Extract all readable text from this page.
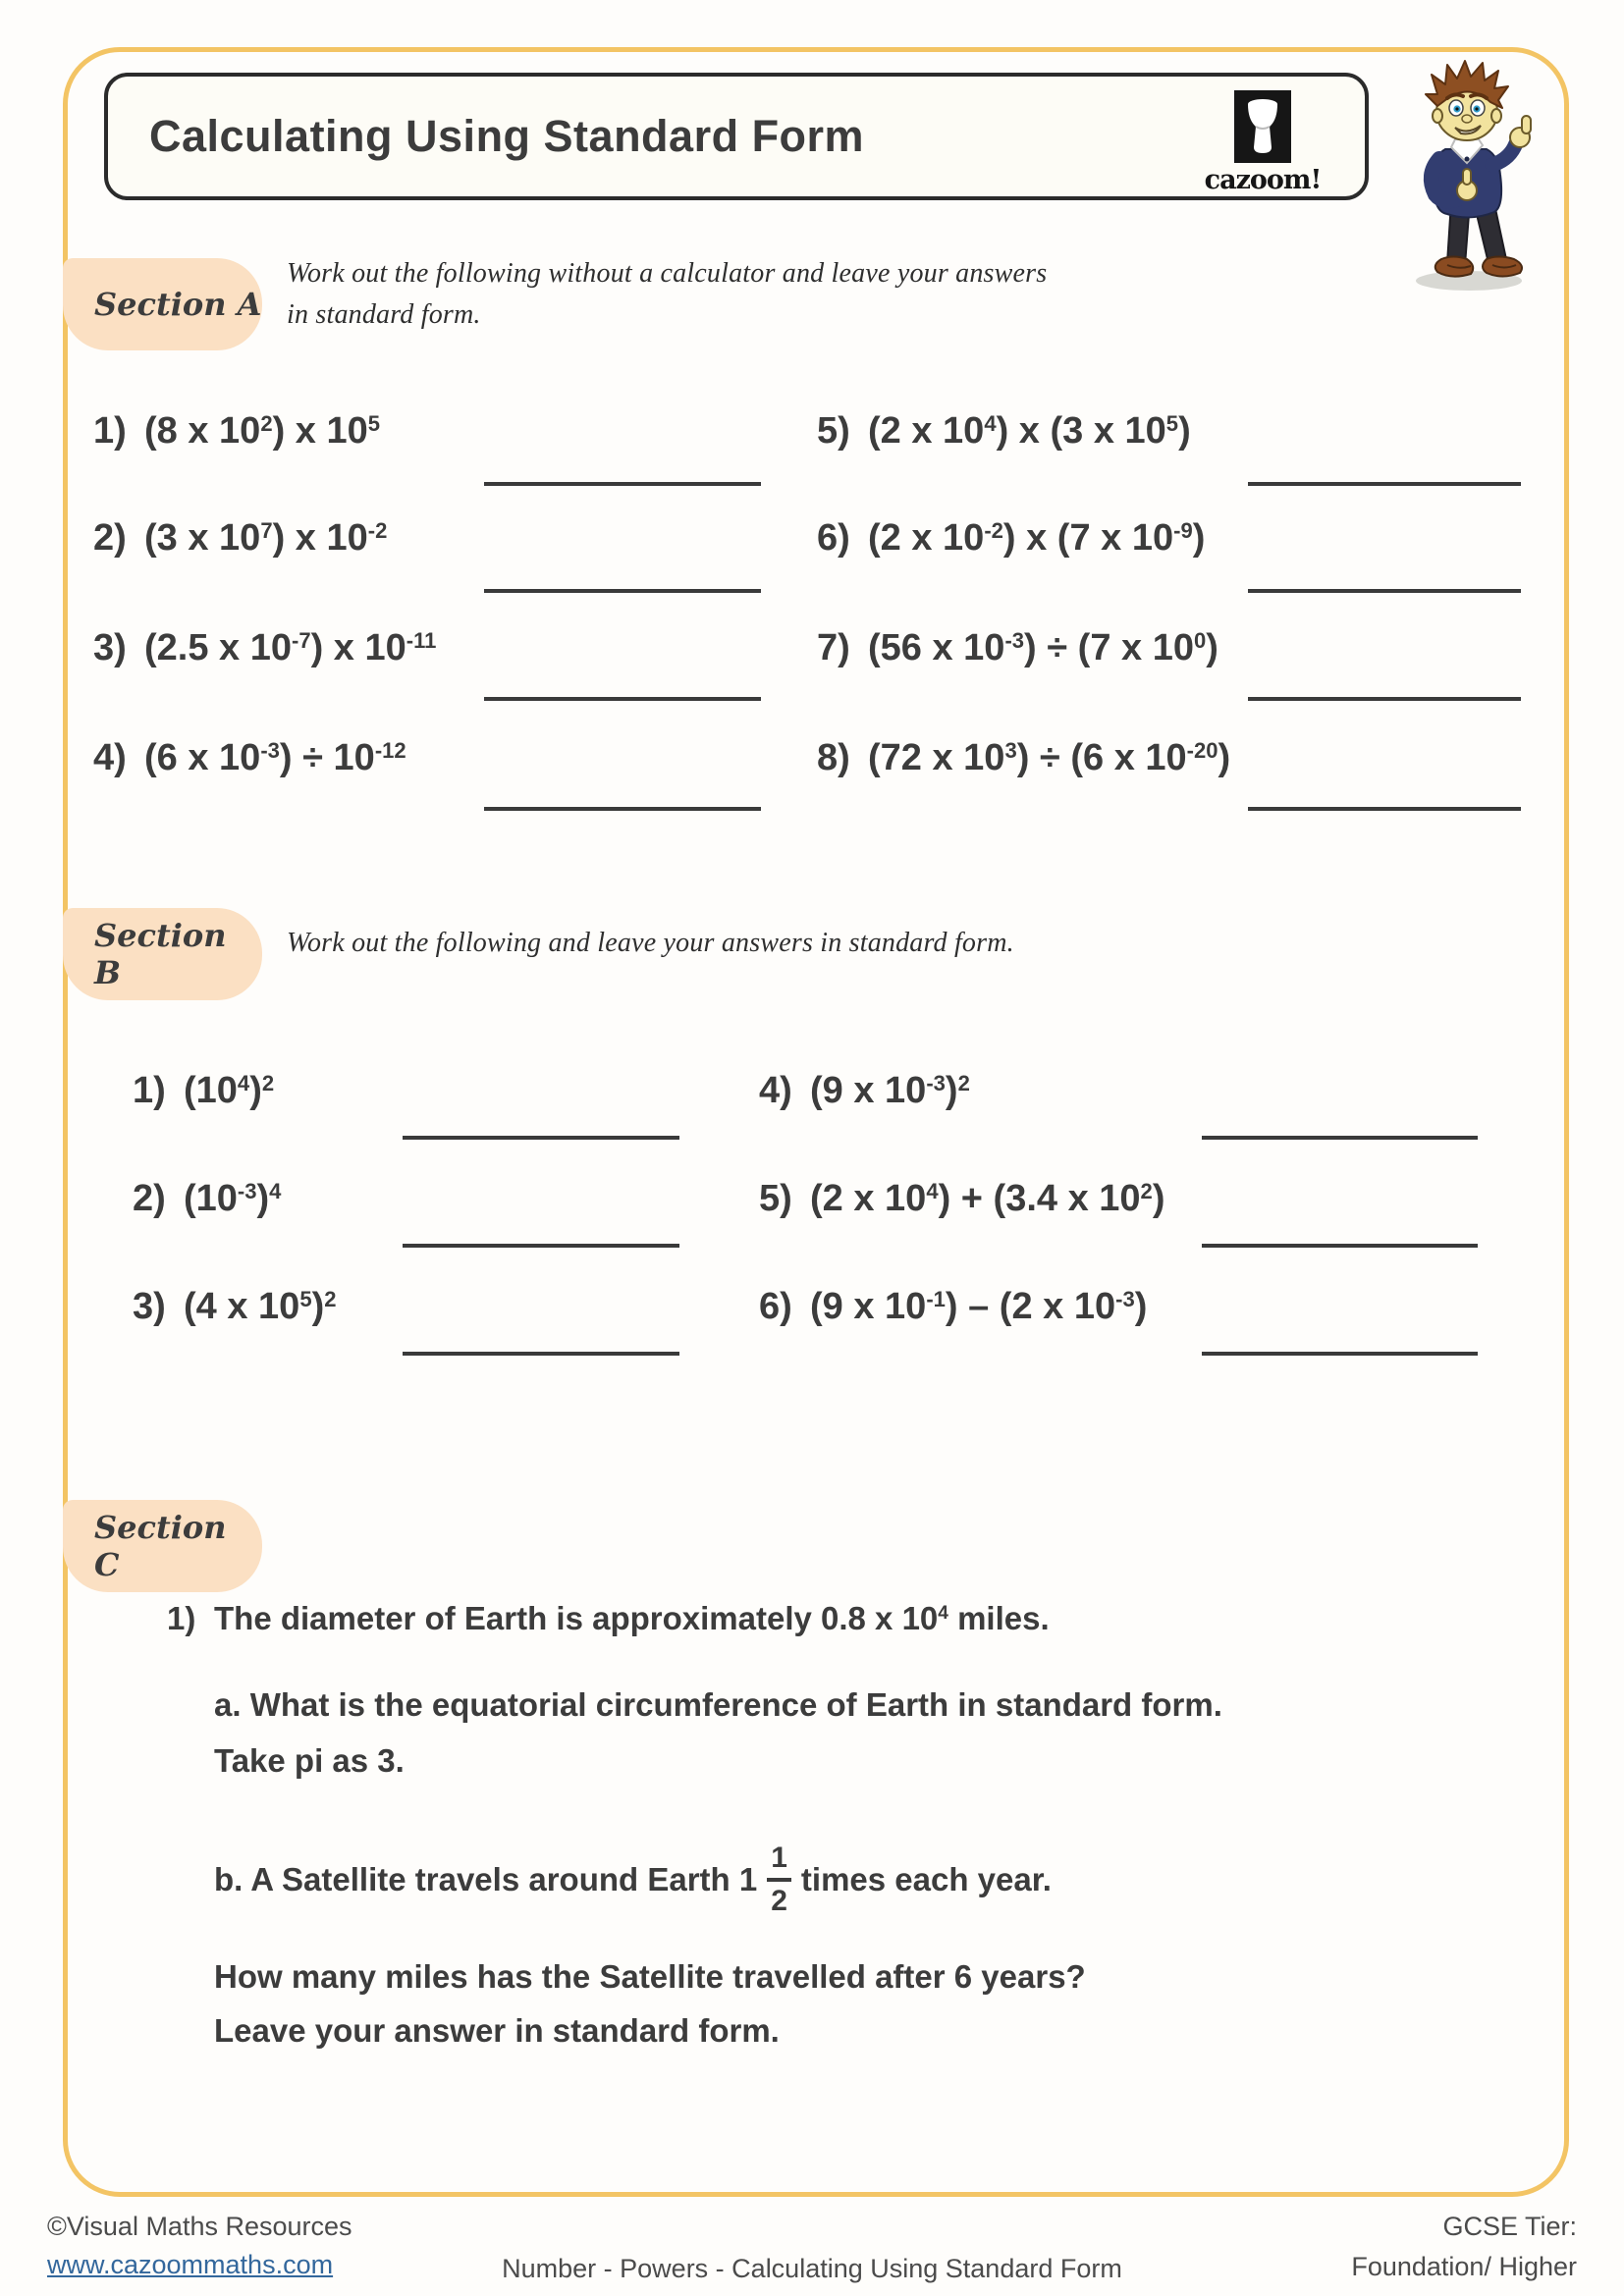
Calculating Using Standard Form
cazoom!
Section A
Work out the following without a calculator and leave your answers
in standard form.
1) (8 x $10^2$) x $10^5$
2) (3 x $10^7$) x $10^{-2}$
3) (2.5 x $10^{-7}$) x $10^{-11}$
4) (6 x $10^{-3}) \div 10^{-12}$
5) (2 x $10^4$) x (3 x $10^5$)
6) (2 x $10^{-2}$) x (7 x $10^{-9}$)
7) (56 x $10^{-3}) \div (7$ x $10^0$)
8) (72 x $10^3) \div (6$ x $10^{-20}$)
Section B
Work out the following and leave your answers in standard form.
1) $(10^4)^2$
2) $(10^{-3})^4$
3) (4 x $10^5)^2$
4) (9 x $10^{-3})^2$
5) (2 x $10^4) + (3.4$ x $10^2$)
6) (9 x $10^{-1}) - (2$ x $10^{-3}$)
Section C
1) The diameter of Earth is approximately 0.8 x $10^4$ miles.
a. What is the equatorial circumference of Earth in standard form.
Take pi as 3.
b. A Satellite travels around Earth $1 \frac{1}{2}$ times each year.
How many miles has the Satellite travelled after 6 years?
Leave your answer in standard form.
©Visual Maths Resources
www.cazoommaths.com	Number - Powers - Calculating Using Standard Form
GCSE Tier:
Foundation/ Higher
